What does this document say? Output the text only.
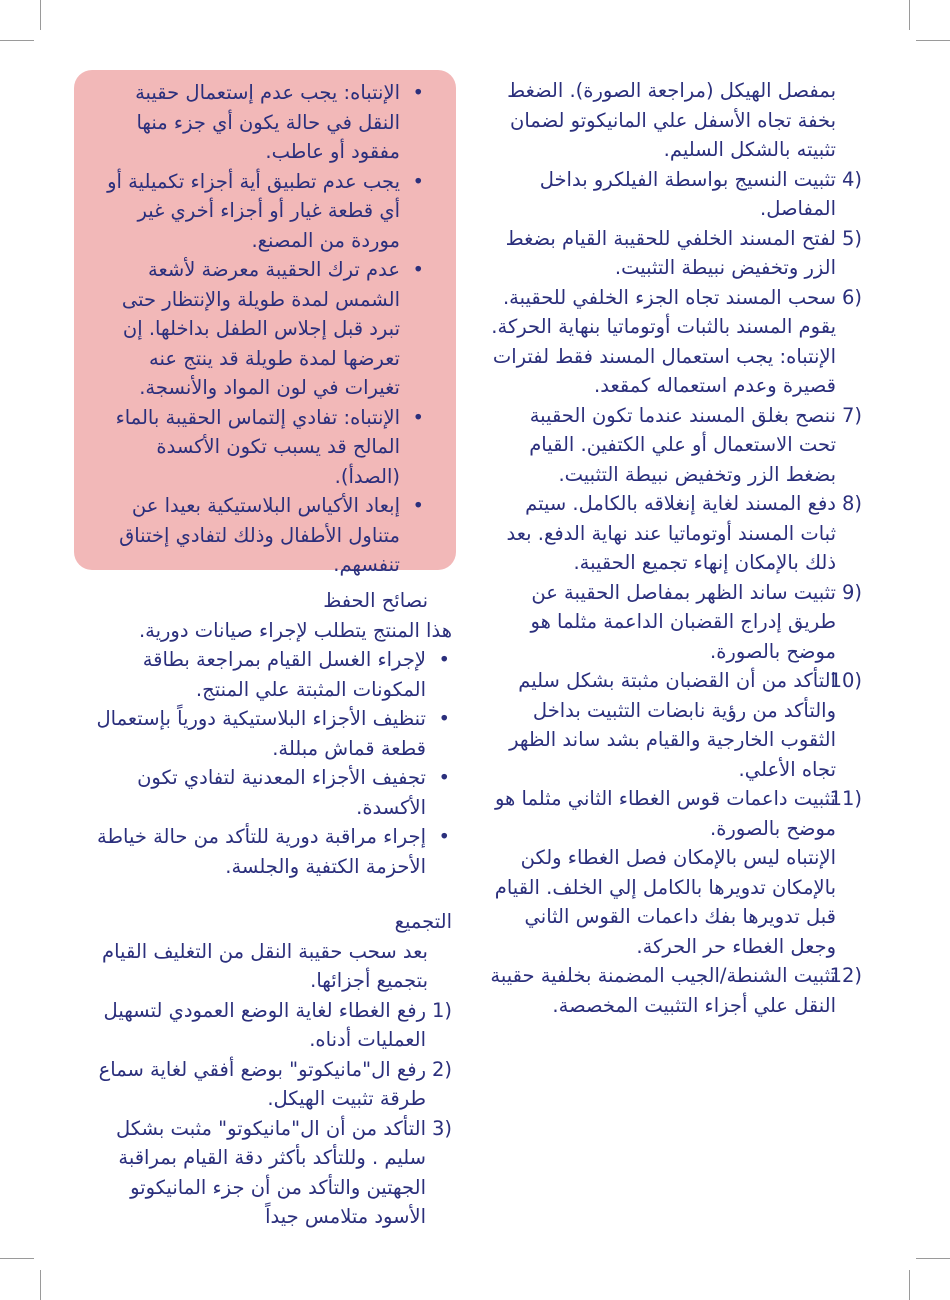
بمفصل الهيكل (مراجعة الصورة). الضغط بخفة تجاه الأسفل علي المانيكوتو لضمان تثبيته بالشكل السليم.

4)
تثبيت النسيج بواسطة الفيلكرو بداخل المفاصل.
5)
لفتح المسند الخلفي للحقيبة القيام بضغط الزر وتخفيض نبيطة التثبيت.
6)
سحب المسند تجاه الجزء الخلفي للحقيبة. يقوم المسند بالثبات أوتوماتيا بنهاية الحركة.
الإنتباه: يجب استعمال المسند فقط لفترات قصيرة وعدم استعماله كمقعد.
7)
ننصح بغلق المسند عندما تكون الحقيبة تحت الاستعمال أو علي الكتفين. القيام بضغط الزر وتخفيض نبيطة التثبيت.
8)
دفع المسند لغاية إنغلاقه بالكامل. سيتم ثبات المسند أوتوماتيا عند نهاية الدفع. بعد ذلك بالإمكان إنهاء تجميع الحقيبة.
9)
تثبيت ساند الظهر بمفاصل الحقيبة عن طريق إدراج القضبان الداعمة مثلما هو موضح بالصورة.
10)
التأكد من أن القضبان مثبتة بشكل سليم والتأكد من رؤية نابضات التثبيت بداخل الثقوب الخارجية والقيام بشد ساند الظهر تجاه الأعلي.
11)
تثبيت داعمات قوس الغطاء الثاني مثلما هو موضح بالصورة.
الإنتباه ليس بالإمكان فصل الغطاء ولكن بالإمكان تدويرها بالكامل إلي الخلف. القيام قبل تدويرها بفك داعمات القوس الثاني وجعل الغطاء حر الحركة.
12)
تثبيت الشنطة/الجيب المضمنة بخلفية حقيبة النقل علي أجزاء التثبيت المخصصة.
• الإنتباه: يجب عدم إستعمال حقيبة النقل في حالة يكون أي جزء منها مفقود أو عاطب.
• يجب عدم تطبيق أية أجزاء تكميلية أو أي قطعة غيار أو أجزاء أخري غير موردة من المصنع.
• عدم ترك الحقيبة معرضة لأشعة الشمس لمدة طويلة والإنتظار حتى تبرد قبل إجلاس الطفل بداخلها. إن تعرضها لمدة طويلة قد ينتج عنه تغيرات في لون المواد والأنسجة.
• الإنتباه: تفادي إلتماس الحقيبة بالماء المالح قد يسبب تكون الأكسدة (الصدأ).
• إبعاد الأكياس البلاستيكية بعيدا عن متناول الأطفال وذلك لتفادي إختناق تنفسهم.
نصائح الحفظ
هذا المنتج يتطلب لإجراء صيانات دورية.
• لإجراء الغسل القيام بمراجعة بطاقة المكونات المثبتة علي المنتج.
• تنظيف الأجزاء البلاستيكية دورياً بإستعمال قطعة قماش مبللة.
• تجفيف الأجزاء المعدنية لتفادي تكون الأكسدة.
• إجراء مراقبة دورية للتأكد من حالة خياطة الأحزمة الكتفية والجلسة.
التجميع
بعد سحب حقيبة النقل من التغليف القيام بتجميع أجزائها.
1)
رفع الغطاء لغاية الوضع العمودي لتسهيل العمليات أدناه.
2)
رفع ال"مانيكوتو" بوضع أفقي لغاية سماع طرقة تثبيت الهيكل.
3)
التأكد من أن ال"مانيكوتو" مثبت بشكل سليم . وللتأكد بأكثر دقة القيام بمراقبة الجهتين والتأكد من أن جزء المانيكوتو الأسود متلامس جيداً
